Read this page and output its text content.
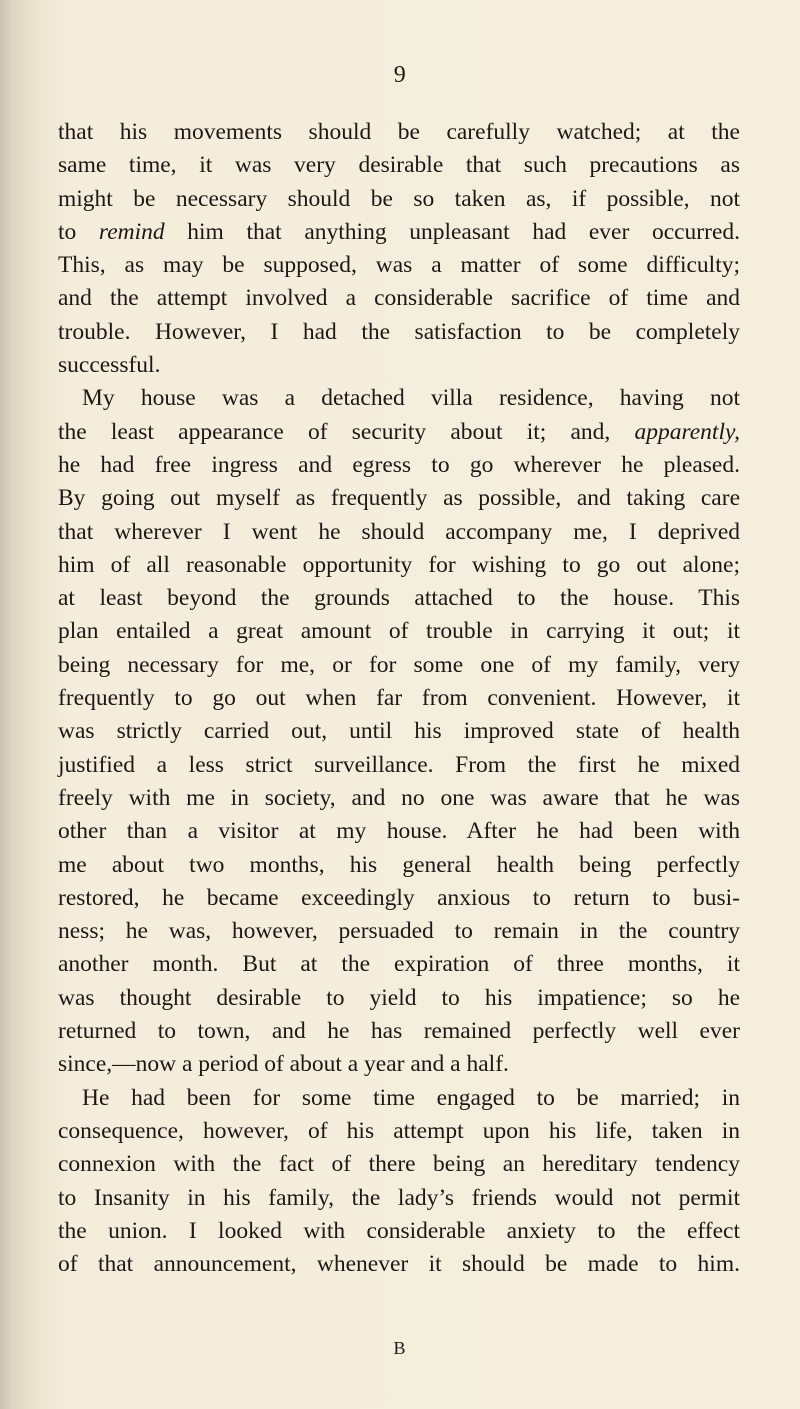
9
that his movements should be carefully watched; at the
same time, it was very desirable that such precautions as
might be necessary should be so taken as, if possible, not
to remind him that anything unpleasant had ever occurred.
This, as may be supposed, was a matter of some difficulty;
and the attempt involved a considerable sacrifice of time and
trouble. However, I had the satisfaction to be completely
successful.
My house was a detached villa residence, having not
the least appearance of security about it; and, apparently,
he had free ingress and egress to go wherever he pleased.
By going out myself as frequently as possible, and taking care
that wherever I went he should accompany me, I deprived
him of all reasonable opportunity for wishing to go out alone;
at least beyond the grounds attached to the house. This
plan entailed a great amount of trouble in carrying it out; it
being necessary for me, or for some one of my family, very
frequently to go out when far from convenient. However, it
was strictly carried out, until his improved state of health
justified a less strict surveillance. From the first he mixed
freely with me in society, and no one was aware that he was
other than a visitor at my house. After he had been with
me about two months, his general health being perfectly
restored, he became exceedingly anxious to return to busi-
ness; he was, however, persuaded to remain in the country
another month. But at the expiration of three months, it
was thought desirable to yield to his impatience; so he
returned to town, and he has remained perfectly well ever
since,—now a period of about a year and a half.
He had been for some time engaged to be married; in
consequence, however, of his attempt upon his life, taken in
connexion with the fact of there being an hereditary tendency
to Insanity in his family, the lady’s friends would not permit
the union. I looked with considerable anxiety to the effect
of that announcement, whenever it should be made to him.
B
